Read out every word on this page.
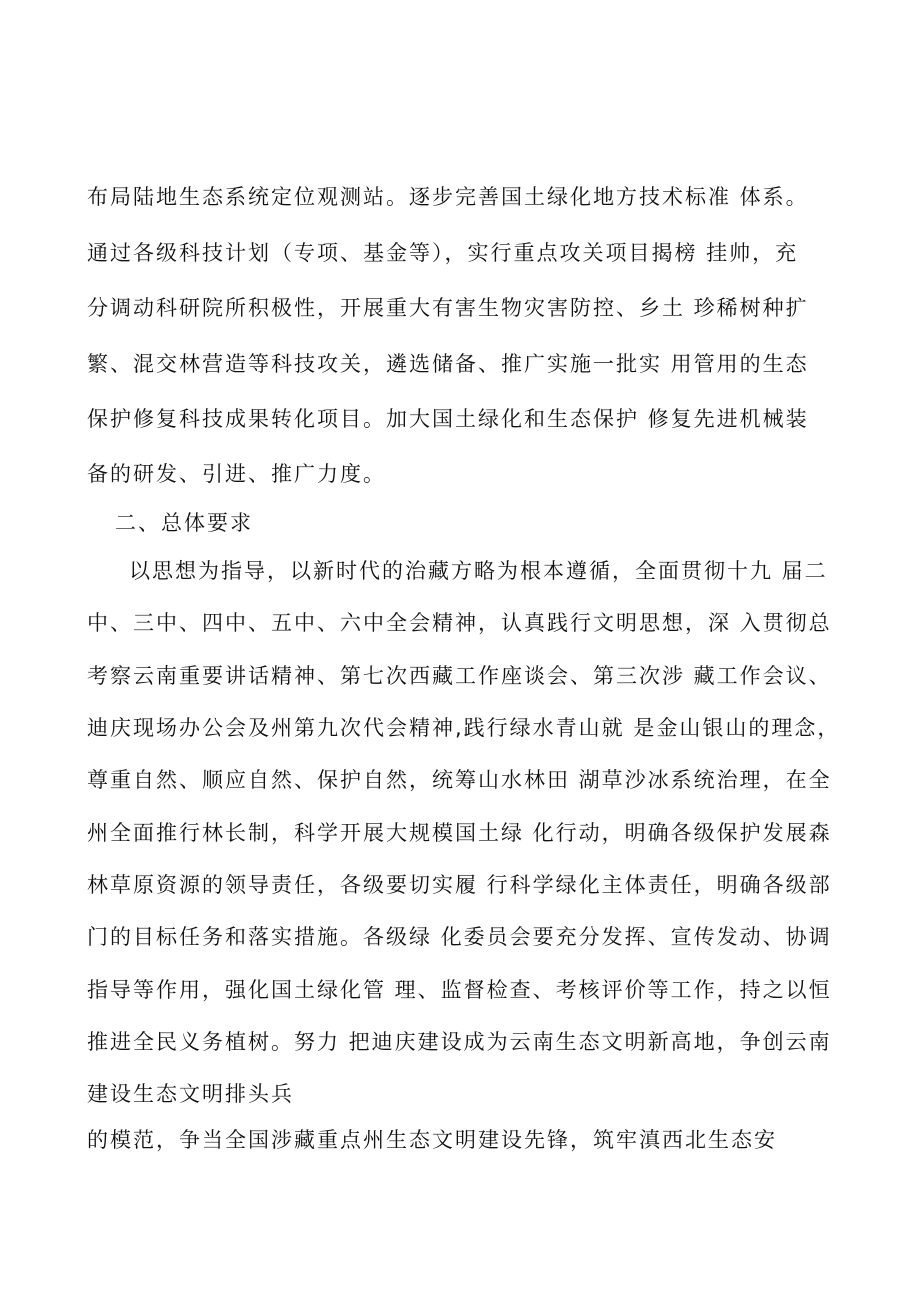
布局陆地生态系统定位观测站。逐步完善国土绿化地方技术标准 体系。
通过各级科技计划（专项、基金等），实行重点攻关项目揭榜 挂帅，充
分调动科研院所积极性，开展重大有害生物灾害防控、乡土 珍稀树种扩
繁、混交林营造等科技攻关，遴选储备、推广实施一批实 用管用的生态
保护修复科技成果转化项目。加大国土绿化和生态保护 修复先进机械装
备的研发、引进、推广力度。
二、总体要求
以思想为指导，以新时代的治藏方略为根本遵循，全面贯彻十九 届二
中、三中、四中、五中、六中全会精神，认真践行文明思想，深 入贯彻总
考察云南重要讲话精神、第七次西藏工作座谈会、第三次涉 藏工作会议、
迪庆现场办公会及州第九次代会精神,践行绿水青山就 是金山银山的理念，
尊重自然、顺应自然、保护自然，统筹山水林田 湖草沙冰系统治理，在全
州全面推行林长制，科学开展大规模国土绿 化行动，明确各级保护发展森
林草原资源的领导责任，各级要切实履 行科学绿化主体责任，明确各级部
门的目标任务和落实措施。各级绿 化委员会要充分发挥、宣传发动、协调
指导等作用，强化国土绿化管 理、监督检查、考核评价等工作，持之以恒
推进全民义务植树。努力 把迪庆建设成为云南生态文明新高地，争创云南
建设生态文明排头兵
的模范，争当全国涉藏重点州生态文明建设先锋，筑牢滇西北生态安
